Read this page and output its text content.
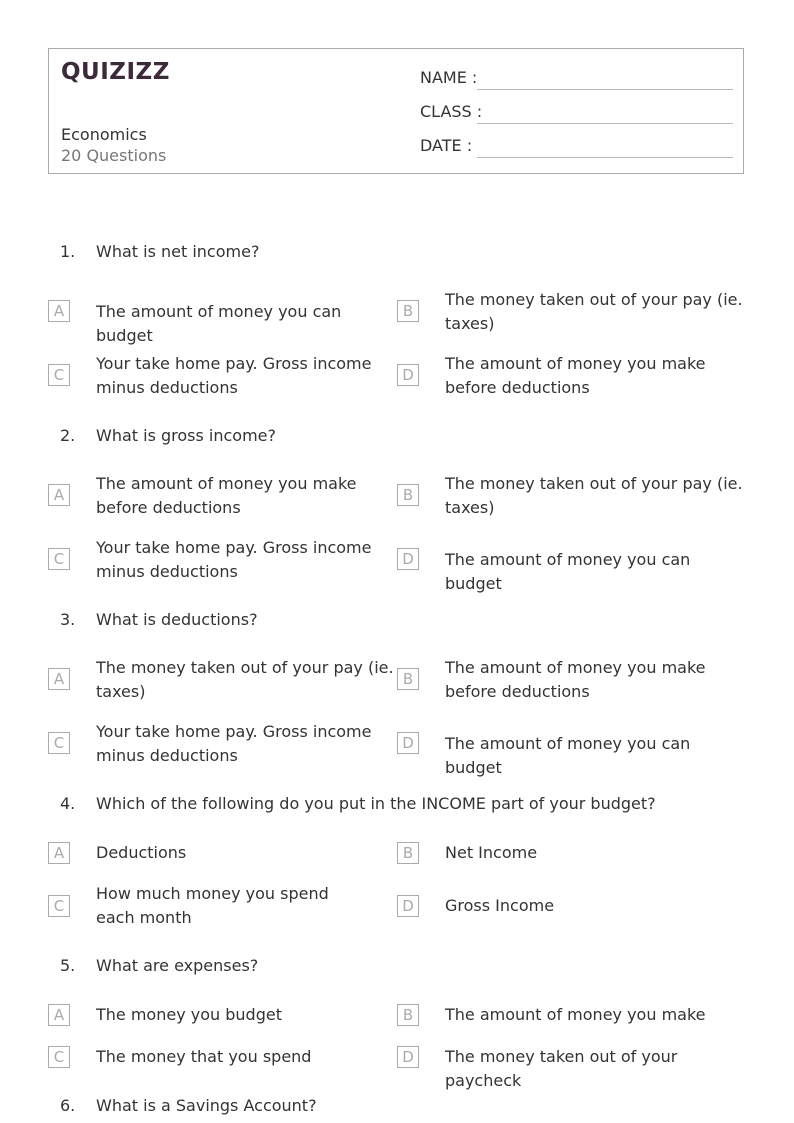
QUIZIZZ
Economics
20 Questions
NAME :
CLASS :
DATE :
1. What is net income?
A	The amount of money you can budget
B
The money taken out of your pay (ie. taxes)
C
Your take home pay. Gross income minus deductions
D
The amount of money you make before deductions
2. What is gross income?
A
The amount of money you make before deductions
B
The money taken out of your pay (ie. taxes)
C
Your take home pay. Gross income minus deductions
D	The amount of money you can budget
3. What is deductions?
A
The money taken out of your pay (ie. taxes)
B
The amount of money you make before deductions
C
Your take home pay. Gross income minus deductions
D	The amount of money you can budget
4. Which of the following do you put in the INCOME part of your budget?
A	Deductions	B	Net Income
C
How much money you spend each month
D	Gross Income
5. What are expenses?
A	The money you budget	B	The amount of money you make
C	The money that you spend	D	The money taken out of your paycheck
6. What is a Savings Account?
